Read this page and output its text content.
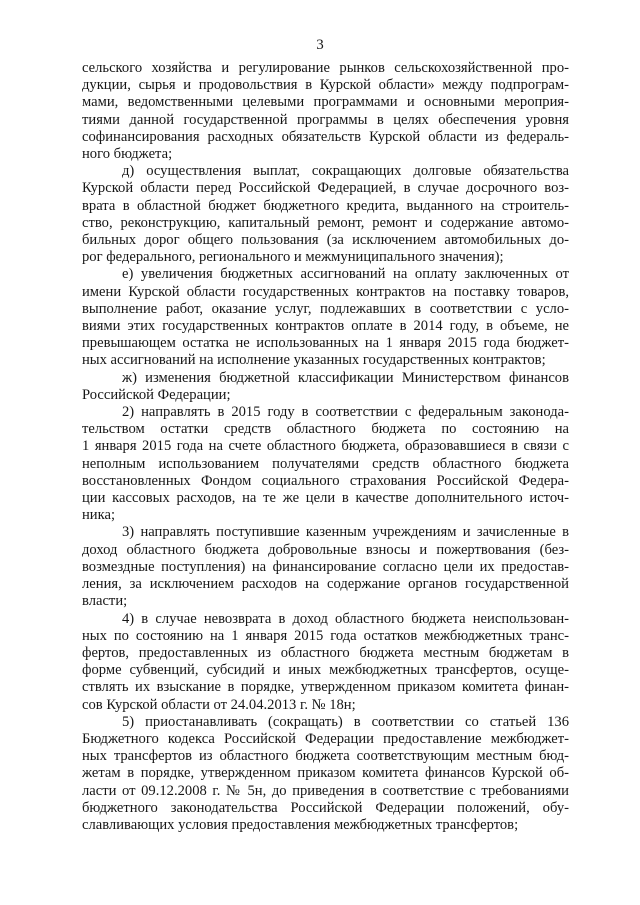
3

сельского хозяйства и регулирование рынков сельскохозяйственной про-
дукции, сырья и продовольствия в Курской области» между подпрограм-
мами, ведомственными целевыми программами и основными мероприя-
тиями данной государственной программы в целях обеспечения уровня
софинансирования расходных обязательств Курской области из федераль-
ного бюджета;

д) осуществления выплат, сокращающих долговые обязательства
Курской области перед Российской Федерацией, в случае досрочного воз-
врата в областной бюджет бюджетного кредита, выданного на строитель-
ство, реконструкцию, капитальный ремонт, ремонт и содержание автомо-
бильных дорог общего пользования (за исключением автомобильных до-
рог федерального, регионального и межмуниципального значения);

е) увеличения бюджетных ассигнований на оплату заключенных от
имени Курской области государственных контрактов на поставку товаров,
выполнение работ, оказание услуг, подлежавших в соответствии с усло-
виями этих государственных контрактов оплате в 2014 году, в объеме, не
превышающем остатка не использованных на 1 января 2015 года бюджет-
ных ассигнований на исполнение указанных государственных контрактов;

ж) изменения бюджетной классификации Министерством финансов
Российской Федерации;

2) направлять в 2015 году в соответствии с федеральным законода-
тельством остатки средств областного бюджета по состоянию на
1 января 2015 года на счете областного бюджета, образовавшиеся в связи с
неполным использованием получателями средств областного бюджета
восстановленных Фондом социального страхования Российской Федера-
ции кассовых расходов, на те же цели в качестве дополнительного источ-
ника;

3) направлять поступившие казенным учреждениям и зачисленные в
доход областного бюджета добровольные взносы и пожертвования (без-
возмездные поступления) на финансирование согласно цели их предостав-
ления, за исключением расходов на содержание органов государственной
власти;

4) в случае невозврата в доход областного бюджета неиспользован-
ных по состоянию на 1 января 2015 года остатков межбюджетных транс-
фертов, предоставленных из областного бюджета местным бюджетам в
форме субвенций, субсидий и иных межбюджетных трансфертов, осуще-
ствлять их взыскание в порядке, утвержденном приказом комитета финан-
сов Курской области от 24.04.2013 г. № 18н;

5) приостанавливать (сокращать) в соответствии со статьей 136
Бюджетного кодекса Российской Федерации предоставление межбюджет-
ных трансфертов из областного бюджета соответствующим местным бюд-
жетам в порядке, утвержденном приказом комитета финансов Курской об-
ласти от 09.12.2008 г. № 5н, до приведения в соответствие с требованиями
бюджетного законодательства Российской Федерации положений, обу-
славливающих условия предоставления межбюджетных трансфертов;
